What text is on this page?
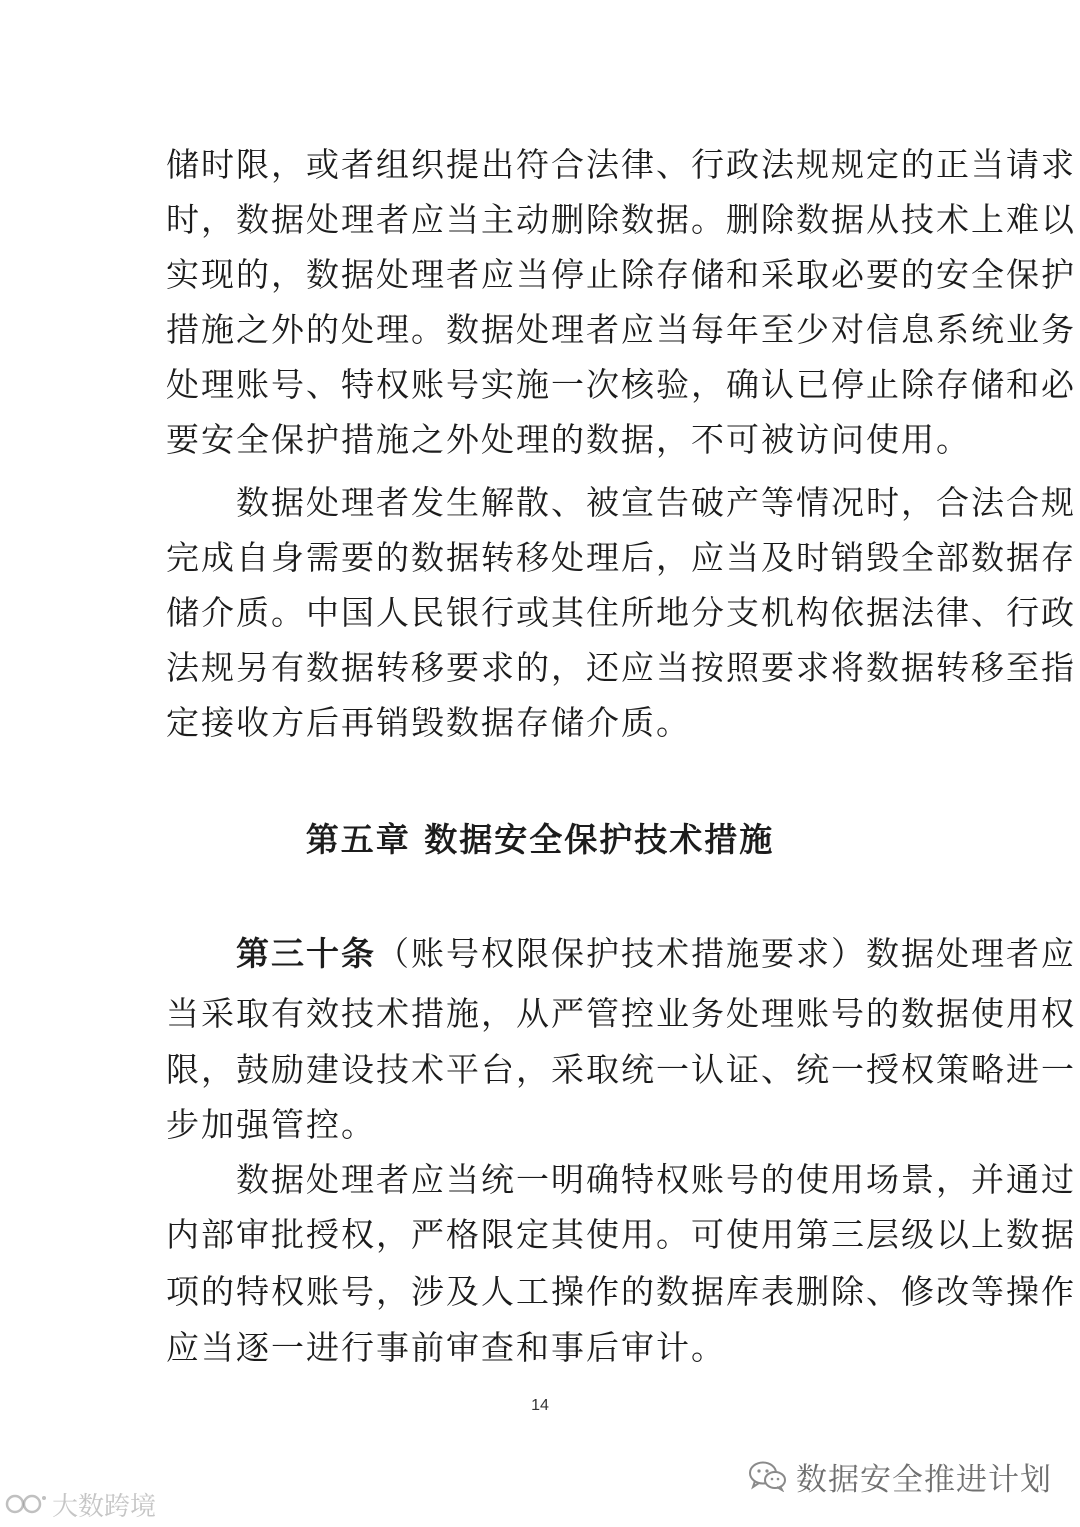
储时限，或者组织提出符合法律、行政法规规定的正当请求
时，数据处理者应当主动删除数据。删除数据从技术上难以
实现的，数据处理者应当停止除存储和采取必要的安全保护
措施之外的处理。数据处理者应当每年至少对信息系统业务
处理账号、特权账号实施一次核验，确认已停止除存储和必
要安全保护措施之外处理的数据，不可被访问使用。
　　数据处理者发生解散、被宣告破产等情况时，合法合规
完成自身需要的数据转移处理后，应当及时销毁全部数据存
储介质。中国人民银行或其住所地分支机构依据法律、行政
法规另有数据转移要求的，还应当按照要求将数据转移至指
定接收方后再销毁数据存储介质。
第五章 数据安全保护技术措施
　　第三十条（账号权限保护技术措施要求）数据处理者应
当采取有效技术措施，从严管控业务处理账号的数据使用权
限，鼓励建设技术平台，采取统一认证、统一授权策略进一
步加强管控。
　　数据处理者应当统一明确特权账号的使用场景，并通过
内部审批授权，严格限定其使用。可使用第三层级以上数据
项的特权账号，涉及人工操作的数据库表删除、修改等操作
应当逐一进行事前审查和事后审计。
14
数据安全推进计划
大数跨境
